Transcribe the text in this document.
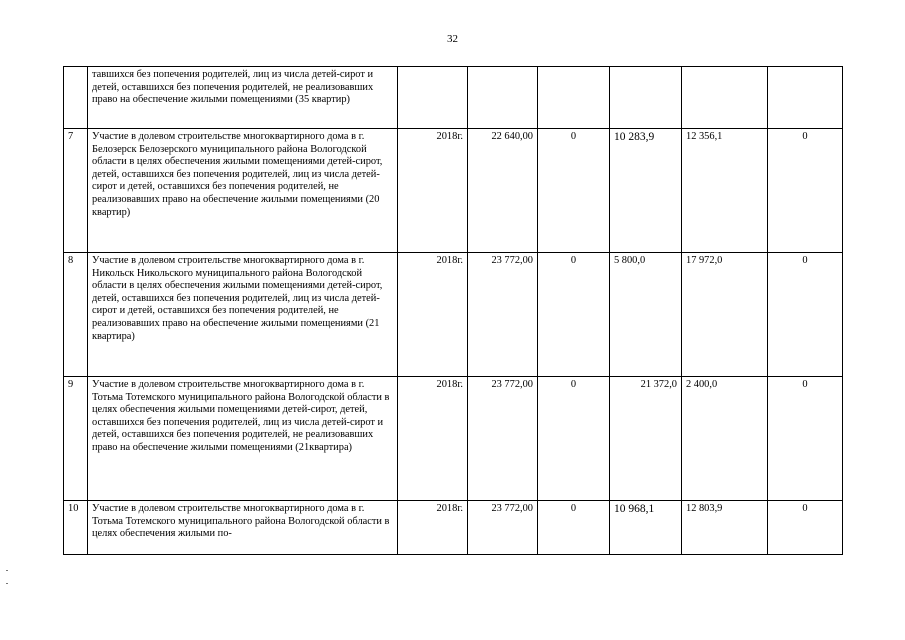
32
	тавшихся без попечения родителей, лиц из числа детей-сирот и детей, оставшихся без попечения родителей, не реализовавших право на обеспечение жилыми помещениями (35 квартир)						
7	Участие в долевом строительстве многоквартирного дома в г. Белозерск Белозерского муниципального района Вологодской области в целях обеспечения жилыми помещениями детей-сирот, детей, оставшихся без попечения родителей, лиц из числа детей-сирот и детей, оставшихся без попечения родителей, не реализовавших право на обеспечение жилыми помещениями (20 квартир)	2018г.	22 640,00	0	10 283,9	12 356,1	0
8	Участие в долевом строительстве многоквартирного дома в г. Никольск Никольского муниципального района Вологодской области в целях обеспечения жилыми помещениями детей-сирот, детей, оставшихся без попечения родителей, лиц из числа детей-сирот и детей, оставшихся без попечения родителей, не реализовавших право на обеспечение жилыми помещениями (21 квартира)	2018г.	23 772,00	0	5 800,0	17 972,0	0
9	Участие в долевом строительстве многоквартирного дома в г. Тотьма Тотемского муниципального района Вологодской области в целях обеспечения жилыми помещениями детей-сирот, детей, оставшихся без попечения родителей, лиц из числа детей-сирот и детей, оставшихся без попечения родителей, не реализовавших право на обеспечение жилыми помещениями (21квартира)	2018г.	23 772,00	0	21 372,0	2 400,0	0
10	Участие в долевом строительстве многоквартирного дома в г. Тотьма Тотемского муниципального района Вологодской области в целях обеспечения жилыми по-	2018г.	23 772,00	0	10 968,1	12 803,9	0
